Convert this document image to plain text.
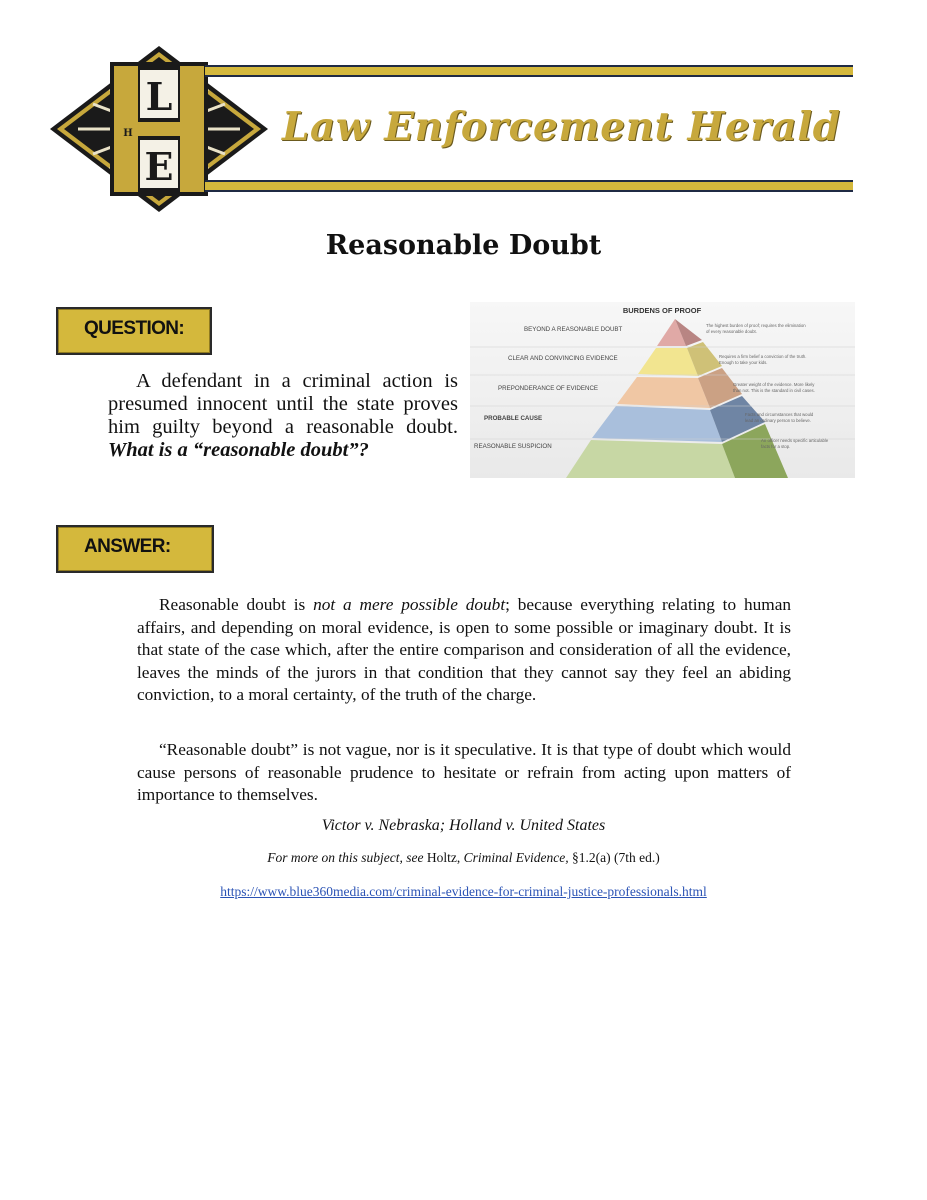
L
E
H	Law Enforcement Herald
Reasonable Doubt
QUESTION:
A defendant in a criminal action is presumed innocent until the state proves him guilty beyond a reasonable doubt. What is a “reasonable doubt”?
BURDENS OF PROOF
BEYOND A REASONABLE DOUBT
CLEAR AND CONVINCING EVIDENCE
PREPONDERANCE OF EVIDENCE
PROBABLE CAUSE
REASONABLE SUSPICION
The highest burden of proof; requires the elimination
of every reasonable doubt.
Requires a firm belief a conviction of the truth.
Enough to take your kids.
Greater weight of the evidence. More likely
than not. This is the standard in civil cases.
Facts and circumstances that would
lead an ordinary person to believe.
An officer needs specific articulable
facts for a stop.
ANSWER:

Reasonable doubt is not a mere possible doubt; because everything relating to human affairs, and depending on moral evidence, is open to some possible or imaginary doubt. It is that state of the case which, after the entire comparison and consideration of all the evidence, leaves the minds of the jurors in that condition that they cannot say they feel an abiding conviction, to a moral certainty, of the truth of the charge.

“Reasonable doubt” is not vague, nor is it speculative. It is that type of doubt which would cause persons of reasonable prudence to hesitate or refrain from acting upon matters of importance to themselves.

Victor v. Nebraska; Holland v. United States
For more on this subject, see Holtz, Criminal Evidence, §1.2(a) (7th ed.)
https://www.blue360media.com/criminal-evidence-for-criminal-justice-professionals.html
